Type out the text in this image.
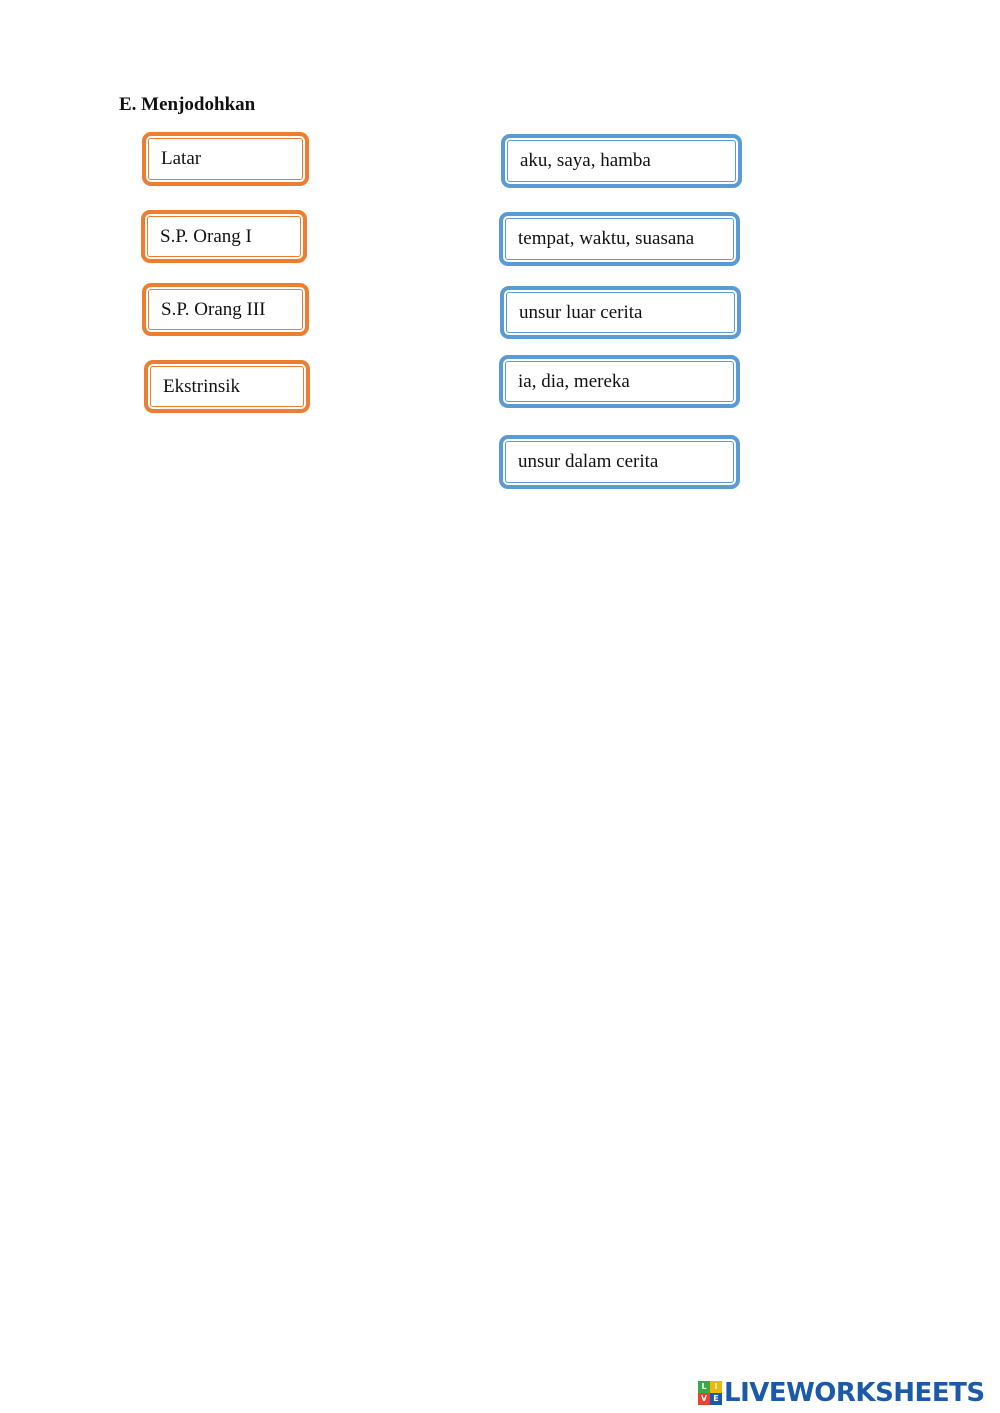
E. Menjodohkan
Latar
S.P. Orang I
S.P. Orang III
Ekstrinsik
aku, saya, hamba
tempat, waktu, suasana
unsur luar cerita
ia, dia, mereka
unsur dalam cerita
L I
V E LIVEWORKSHEETS
